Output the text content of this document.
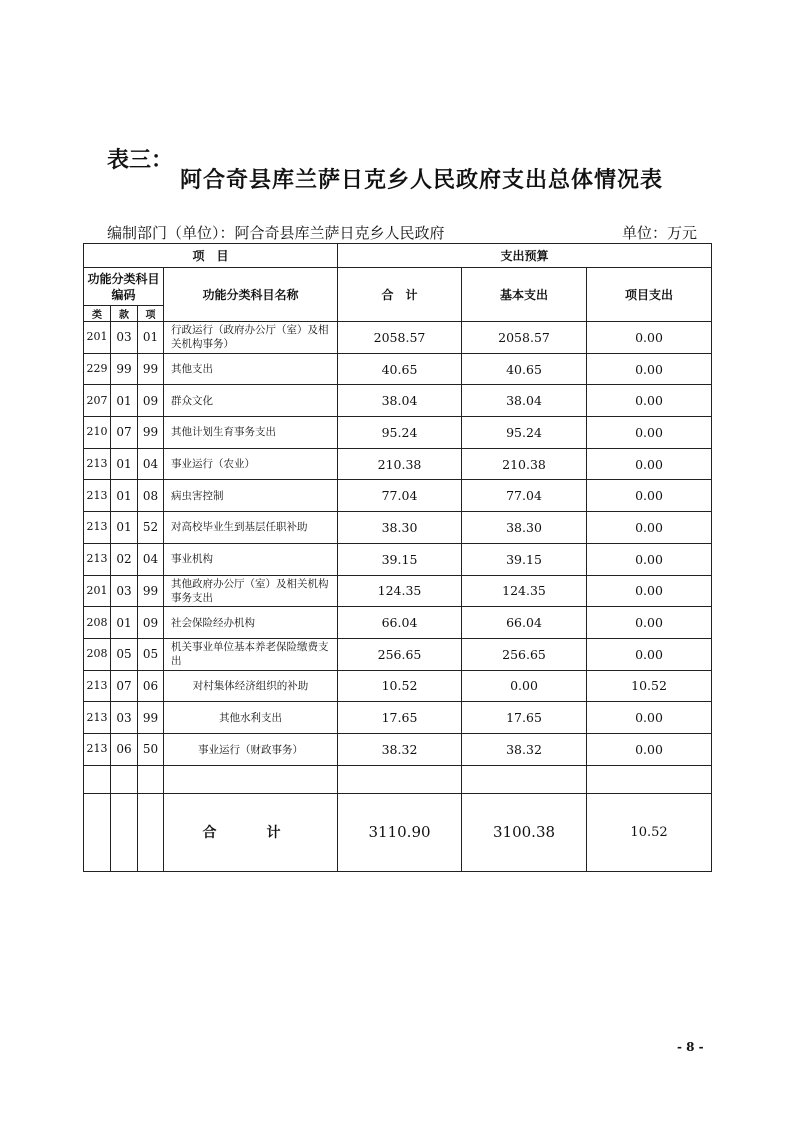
表三：
阿合奇县库兰萨日克乡人民政府支出总体情况表
编制部门（单位）：阿合奇县库兰萨日克乡人民政府	单位：万元
项　目				支出预算		
功能分类科目编码			功能分类科目名称	合　计	基本支出	项目支出
类	款	项				
201	03	01	行政运行（政府办公厅（室）及相关机构事务）	2058.57	2058.57	0.00
229	99	99	其他支出	40.65	40.65	0.00
207	01	09	群众文化	38.04	38.04	0.00
210	07	99	其他计划生育事务支出	95.24	95.24	0.00
213	01	04	事业运行（农业）	210.38	210.38	0.00
213	01	08	病虫害控制	77.04	77.04	0.00
213	01	52	对高校毕业生到基层任职补助	38.30	38.30	0.00
213	02	04	事业机构	39.15	39.15	0.00
201	03	99	其他政府办公厅（室）及相关机构事务支出	124.35	124.35	0.00
208	01	09	社会保险经办机构	66.04	66.04	0.00
208	05	05	机关事业单位基本养老保险缴费支出	256.65	256.65	0.00
213	07	06	对村集体经济组织的补助	10.52	0.00	10.52
213	03	99	其他水利支出	17.65	17.65	0.00
213	06	50	事业运行（财政事务）	38.32	38.32	0.00

			合　计	3110.90	3100.38	10.52
- 8 -
